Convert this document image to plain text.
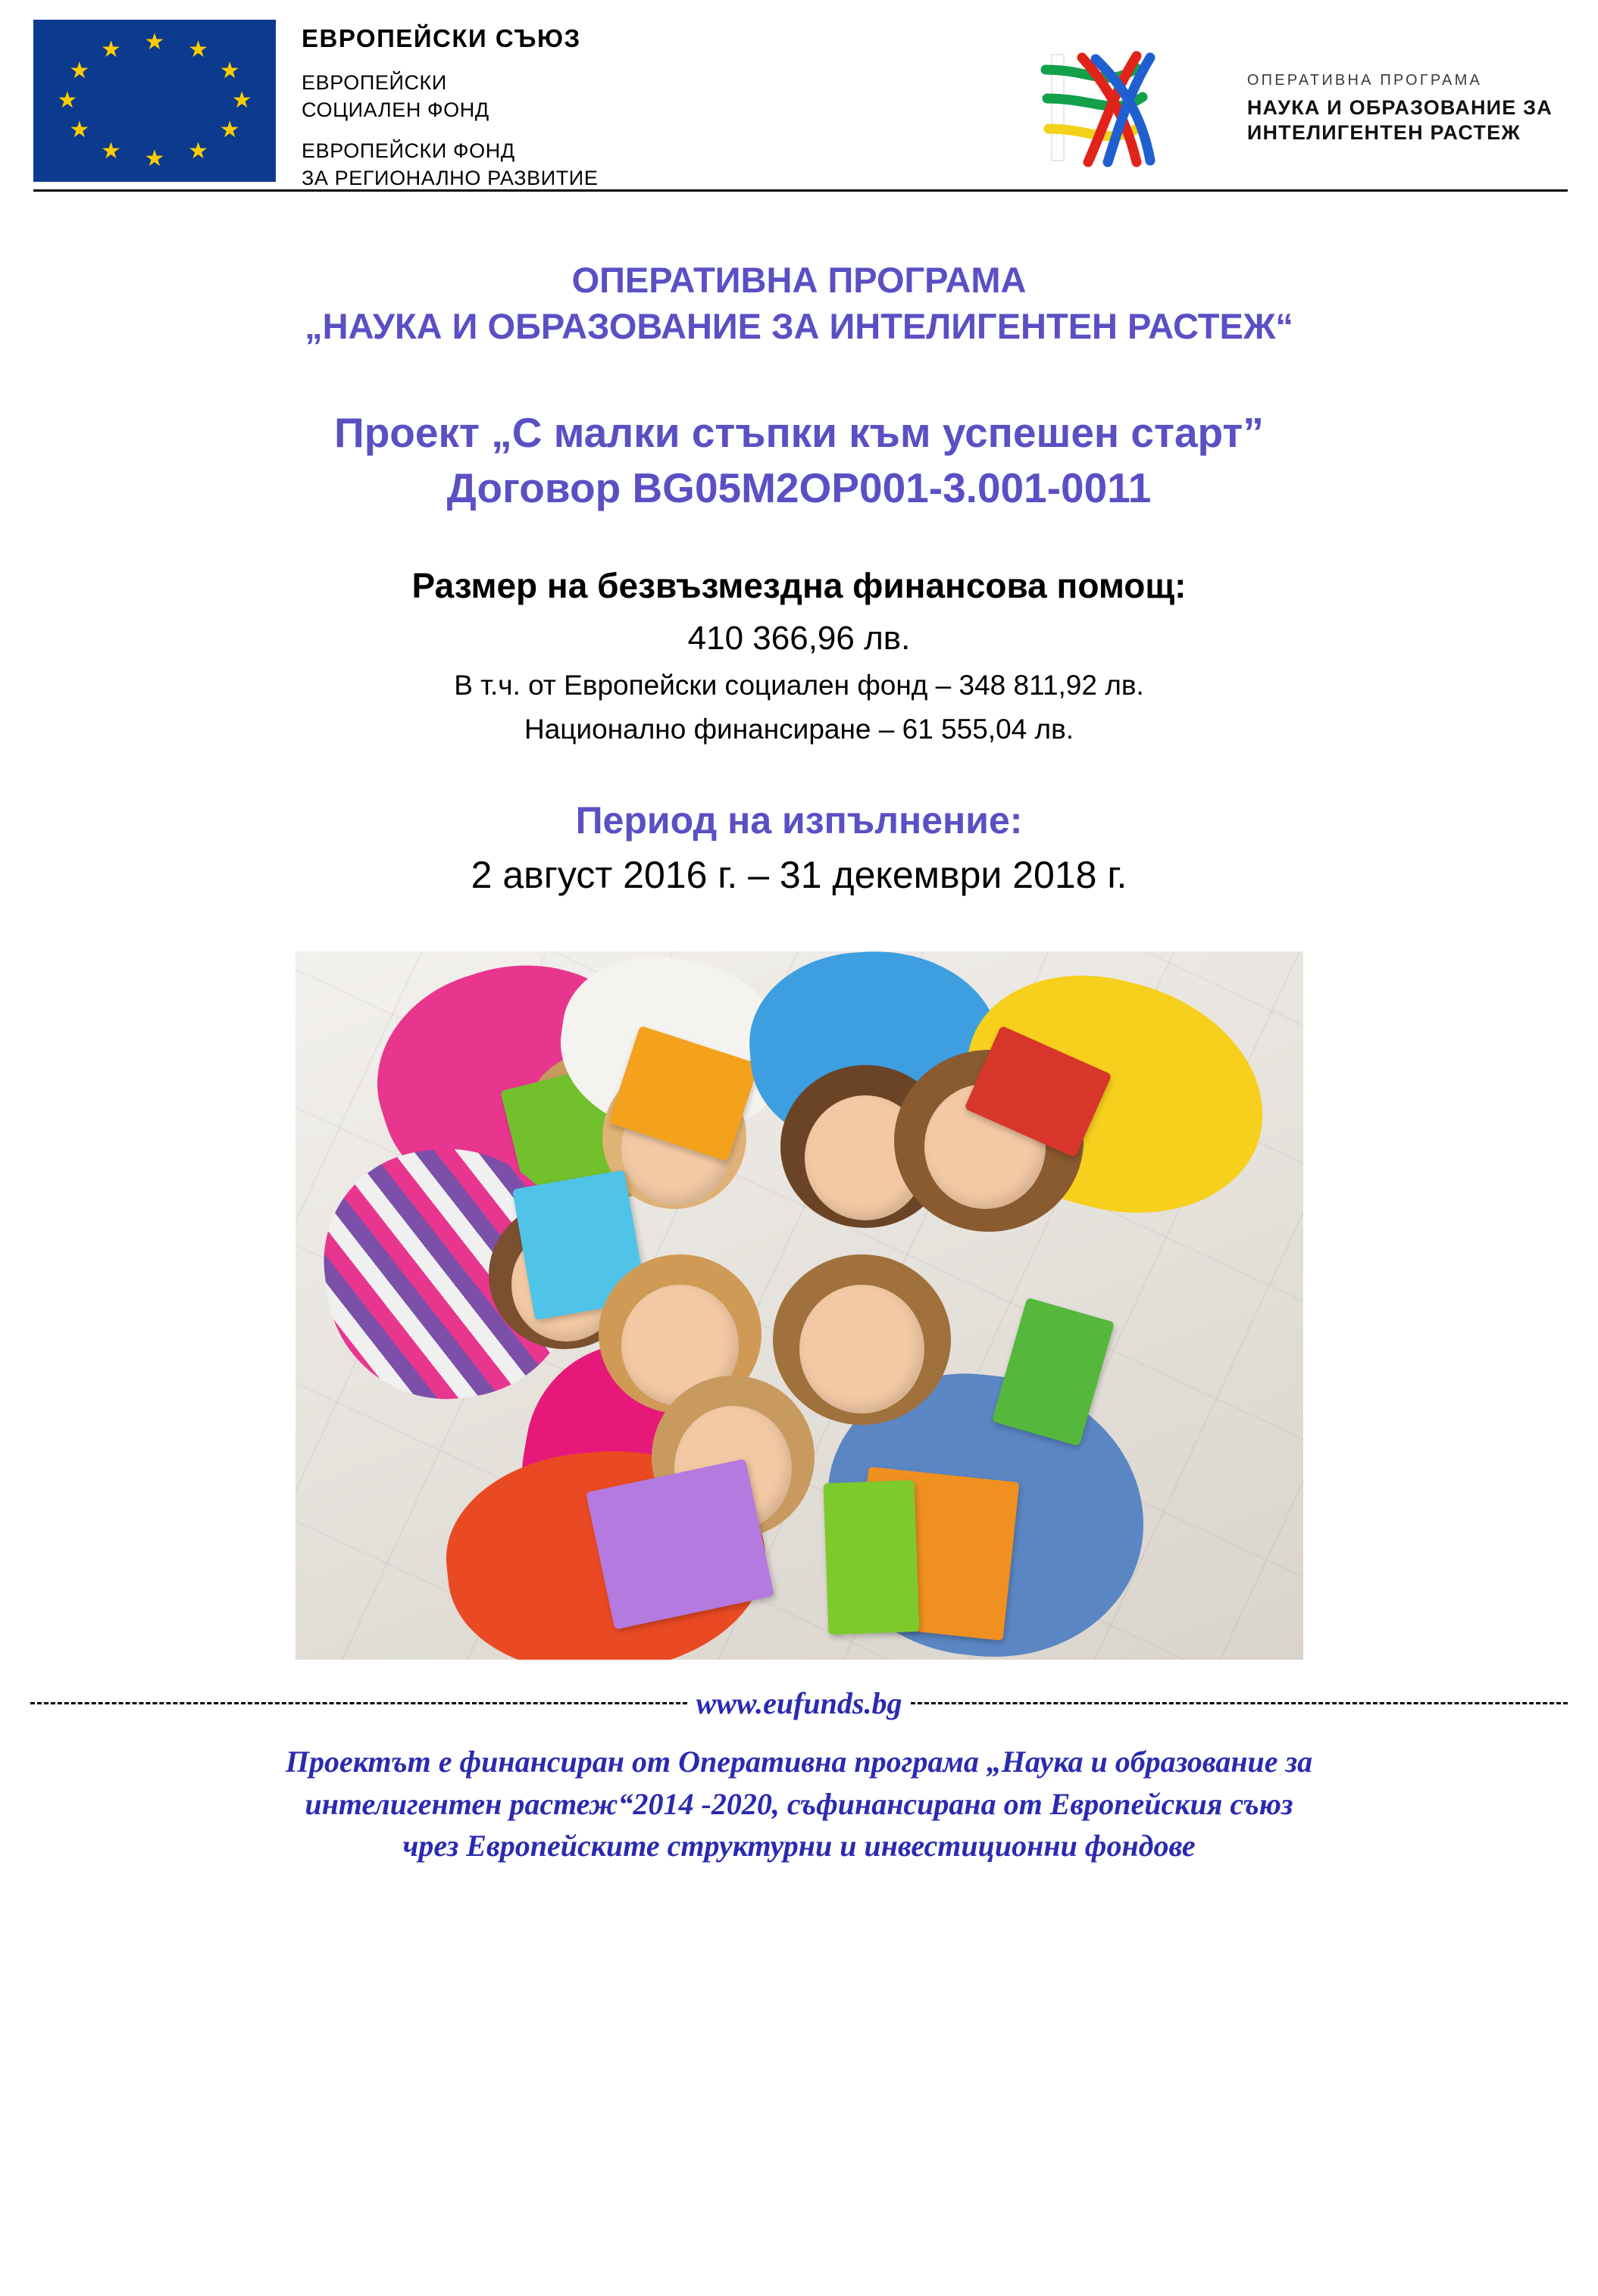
★ ★
★
★
★
★
★
★
★
★
★
★	ЕВРОПЕЙСКИ СЪЮЗ
ЕВРОПЕЙСКИ
СОЦИАЛЕН ФОНД
ЕВРОПЕЙСКИ ФОНД
ЗА РЕГИОНАЛНО РАЗВИТИЕ
ОПЕРАТИВНА ПРОГРАМА
НАУКА И ОБРАЗОВАНИЕ ЗА
ИНТЕЛИГЕНТЕН РАСТЕЖ
ОПЕРАТИВНА ПРОГРАМА
„НАУКА И ОБРАЗОВАНИЕ ЗА ИНТЕЛИГЕНТЕН РАСТЕЖ“
Проект „С малки стъпки към успешен старт”
Договор BG05M2OP001-3.001-0011
Размер на безвъзмездна финансова помощ:
410 366,96 лв.
В т.ч. от Европейски социален фонд – 348 811,92 лв.
Национално финансиране – 61 555,04 лв.
Период на изпълнение:
2 август 2016 г. – 31 декември 2018 г.
www.eufunds.bg
Проектът е финансиран от Оперативна програма „Наука и образование за
интелигентен растеж“2014 -2020, съфинансирана от Европейския съюз
чрез Европейските структурни и инвестиционни фондове
